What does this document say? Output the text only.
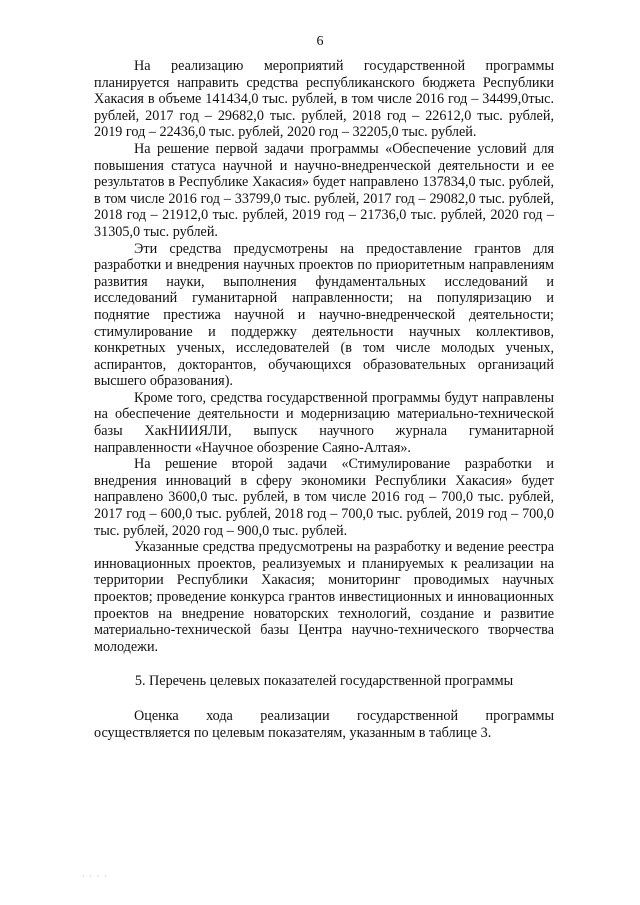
6

На реализацию мероприятий государственной программы планируется направить средства республиканского бюджета Республики Хакасия в объеме 141434,0 тыс. рублей, в том числе 2016 год – 34499,0тыс. рублей, 2017 год – 29682,0 тыс. рублей, 2018 год – 22612,0 тыс. рублей, 2019 год – 22436,0 тыс. рублей, 2020 год – 32205,0 тыс. рублей.

На решение первой задачи программы «Обеспечение условий для повышения статуса научной и научно-внедренческой деятельности и ее результатов в Республике Хакасия» будет направлено 137834,0 тыс. рублей, в том числе 2016 год – 33799,0 тыс. рублей, 2017 год – 29082,0 тыс. рублей, 2018 год – 21912,0 тыс. рублей, 2019 год – 21736,0 тыс. рублей, 2020 год – 31305,0 тыс. рублей.

Эти средства предусмотрены на предоставление грантов для разработки и внедрения научных проектов по приоритетным направлениям развития науки, выполнения фундаментальных исследований и исследований гуманитарной направленности; на популяризацию и поднятие престижа научной и научно-внедренческой деятельности; стимулирование и поддержку деятельности научных коллективов, конкретных ученых, исследователей (в том числе молодых ученых, аспирантов, докторантов, обучающихся образовательных организаций высшего образования).

Кроме того, средства государственной программы будут направлены на обеспечение деятельности и модернизацию материально-технической базы ХакНИИЯЛИ, выпуск научного журнала гуманитарной направленности «Научное обозрение Саяно-Алтая».

На решение второй задачи «Стимулирование разработки и внедрения инноваций в сферу экономики Республики Хакасия» будет направлено 3600,0 тыс. рублей, в том числе 2016 год – 700,0 тыс. рублей, 2017 год – 600,0 тыс. рублей, 2018 год – 700,0 тыс. рублей, 2019 год – 700,0 тыс. рублей, 2020 год – 900,0 тыс. рублей.

Указанные средства предусмотрены на разработку и ведение реестра инновационных проектов, реализуемых и планируемых к реализации на территории Республики Хакасия; мониторинг проводимых научных проектов; проведение конкурса грантов инвестиционных и инновационных проектов на внедрение новаторских технологий, создание и развитие материально-технической базы Центра научно-технического творчества молодежи.

5. Перечень целевых показателей государственной программы

Оценка хода реализации государственной программы осуществляется по целевым показателям, указанным в таблице 3.

· · · ·
